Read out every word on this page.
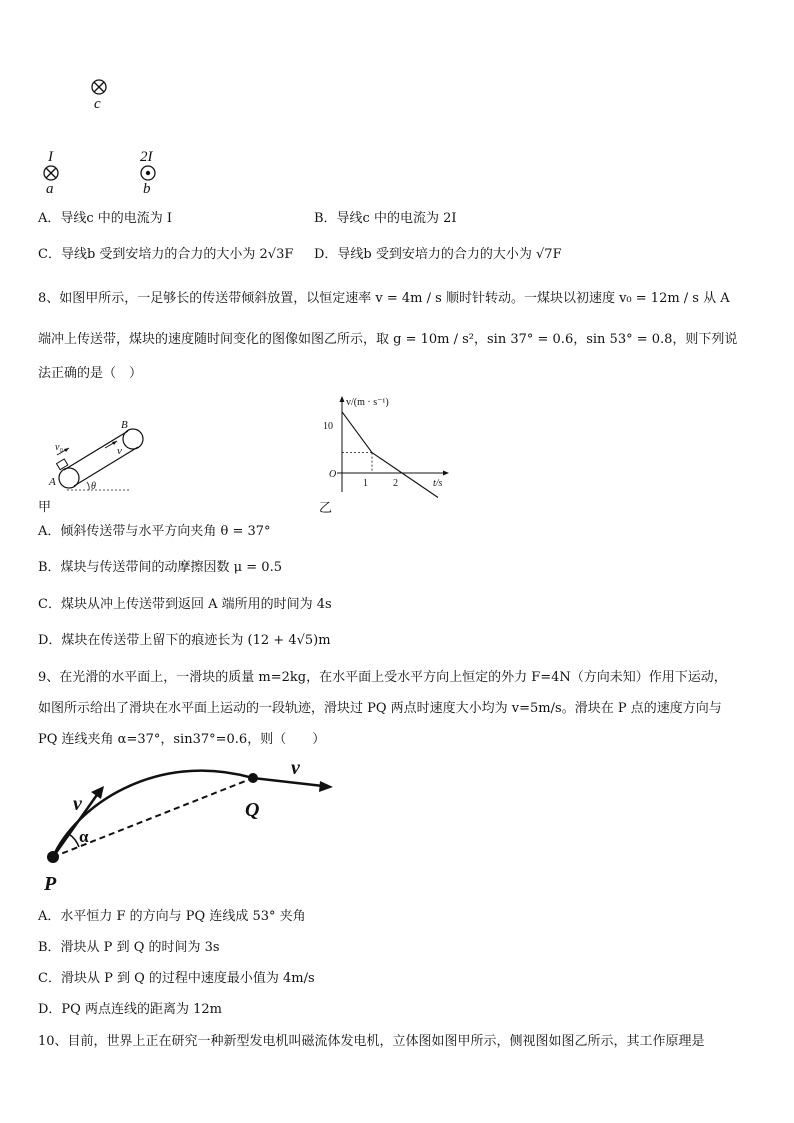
c
I
a
2I
b
A．导线c 中的电流为 I	B．导线c 中的电流为 2I
C．导线b 受到安培力的合力的大小为 2√3F D．导线b 受到安培力的合力的大小为 √7F
8、如图甲所示，一足够长的传送带倾斜放置，以恒定速率 v = 4m / s 顺时针转动。一煤块以初速度 v₀ = 12m / s 从 A
端冲上传送带，煤块的速度随时间变化的图像如图乙所示，取 g = 10m / s²，sin 37° = 0.6，sin 53° = 0.8，则下列说
法正确的是（　）
v₀	v
A
B
θ
甲
v/(m · s⁻¹)
t/s
10
1	2
O
乙
A．倾斜传送带与水平方向夹角 θ = 37°
B．煤块与传送带间的动摩擦因数 μ = 0.5
C．煤块从冲上传送带到返回 A 端所用的时间为 4s
D．煤块在传送带上留下的痕迹长为 (12 + 4√5)m
9、在光滑的水平面上，一滑块的质量 m=2kg，在水平面上受水平方向上恒定的外力 F=4N（方向未知）作用下运动，
如图所示给出了滑块在水平面上运动的一段轨迹，滑块过 PQ 两点时速度大小均为 v=5m/s。滑块在 P 点的速度方向与
PQ 连线夹角 α=37°，sin37°=0.6，则（　　）
P
Q
v
v
α
A．水平恒力 F 的方向与 PQ 连线成 53° 夹角
B．滑块从 P 到 Q 的时间为 3s
C．滑块从 P 到 Q 的过程中速度最小值为 4m/s
D．PQ 两点连线的距离为 12m
10、目前，世界上正在研究一种新型发电机叫磁流体发电机，立体图如图甲所示，侧视图如图乙所示，其工作原理是
